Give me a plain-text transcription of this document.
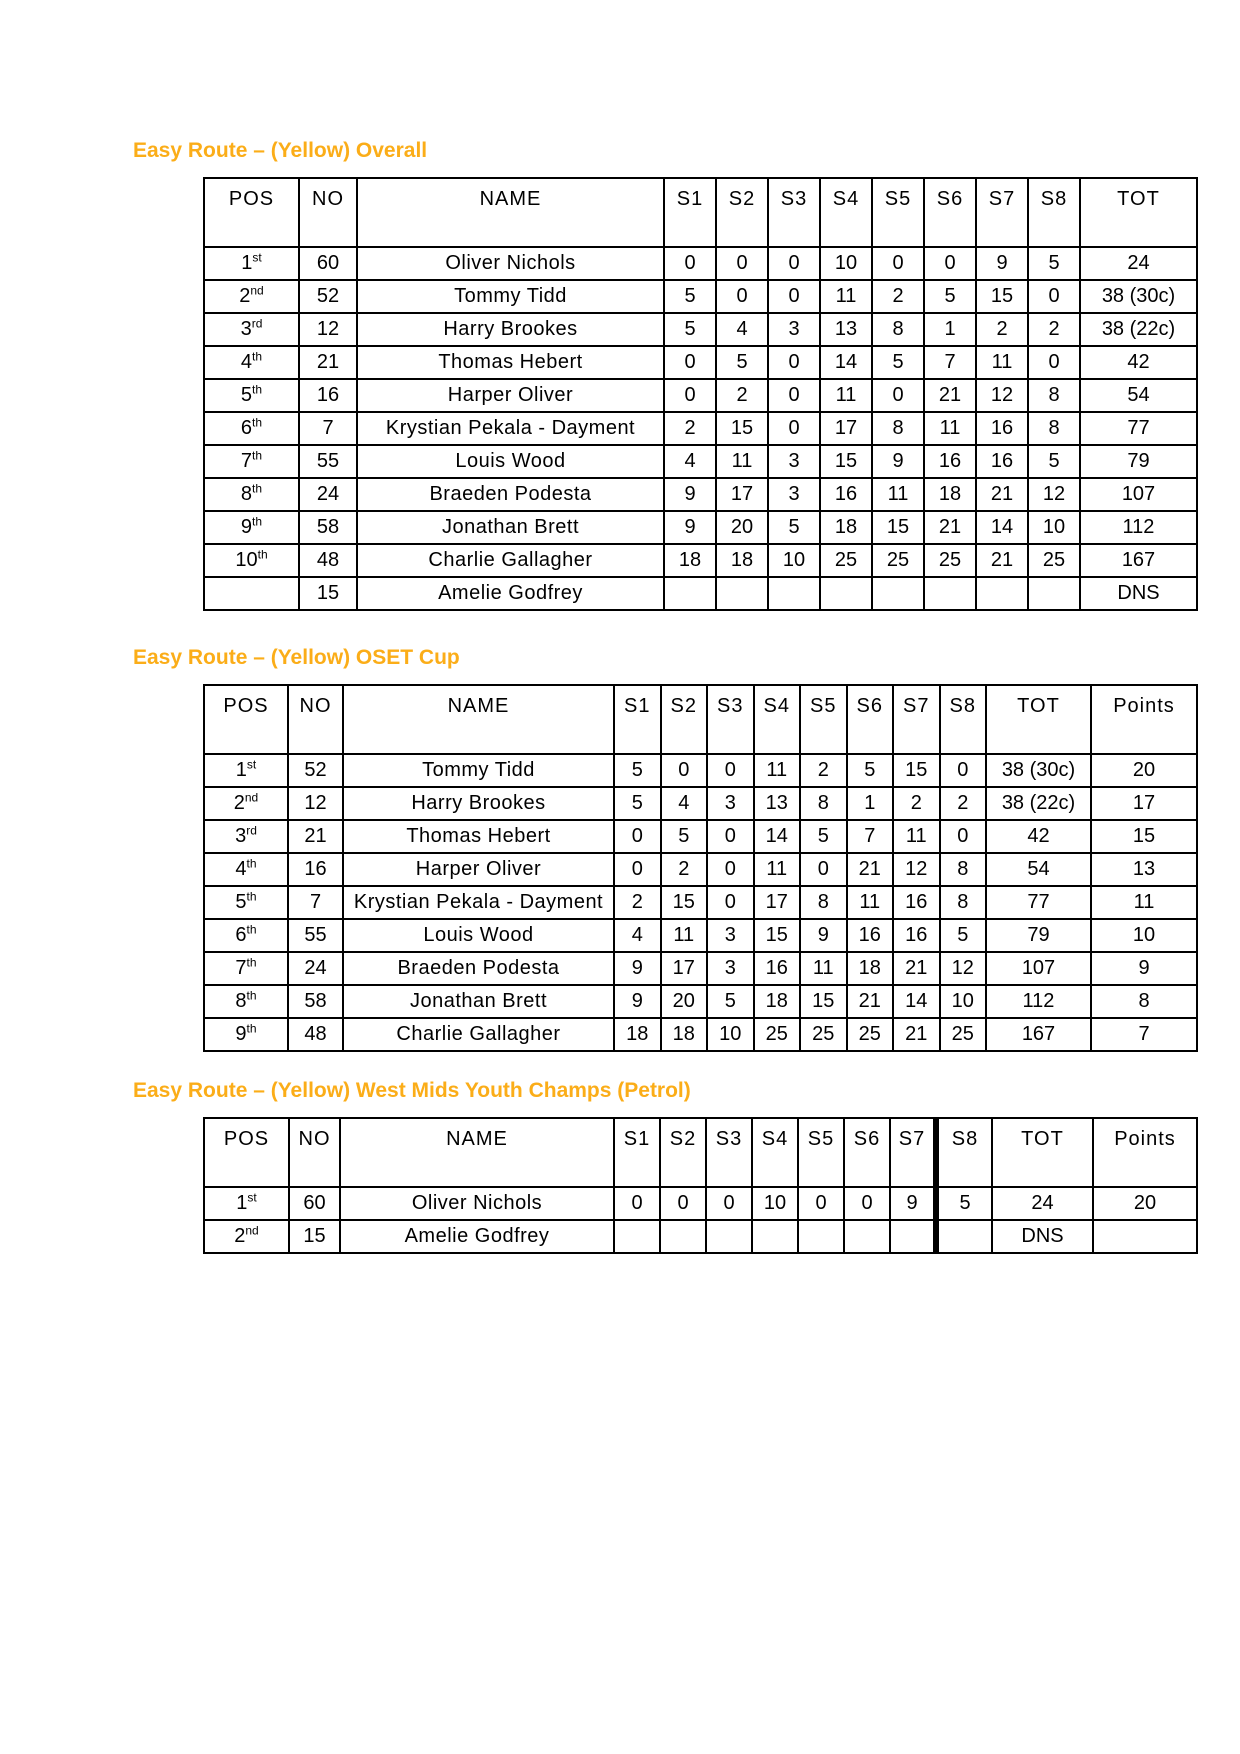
Easy Route – (Yellow) Overall
POS	NO	NAME	S1	S2	S3	S4	S5	S6	S7	S8	TOT
1st	60	Oliver Nichols	0	0	0	10	0	0	9	5	24
2nd	52	Tommy Tidd	5	0	0	11	2	5	15	0	38 (30c)
3rd	12	Harry Brookes	5	4	3	13	8	1	2	2	38 (22c)
4th	21	Thomas Hebert	0	5	0	14	5	7	11	0	42
5th	16	Harper Oliver	0	2	0	11	0	21	12	8	54
6th	7	Krystian Pekala - Dayment	2	15	0	17	8	11	16	8	77
7th	55	Louis Wood	4	11	3	15	9	16	16	5	79
8th	24	Braeden Podesta	9	17	3	16	11	18	21	12	107
9th	58	Jonathan Brett	9	20	5	18	15	21	14	10	112
10th	48	Charlie Gallagher	18	18	10	25	25	25	21	25	167
	15	Amelie Godfrey									DNS
Easy Route – (Yellow) OSET Cup
POS	NO	NAME	S1	S2	S3	S4	S5	S6	S7	S8	TOT	Points
1st	52	Tommy Tidd	5	0	0	11	2	5	15	0	38 (30c)	20
2nd	12	Harry Brookes	5	4	3	13	8	1	2	2	38 (22c)	17
3rd	21	Thomas Hebert	0	5	0	14	5	7	11	0	42	15
4th	16	Harper Oliver	0	2	0	11	0	21	12	8	54	13
5th	7	Krystian Pekala - Dayment	2	15	0	17	8	11	16	8	77	11
6th	55	Louis Wood	4	11	3	15	9	16	16	5	79	10
7th	24	Braeden Podesta	9	17	3	16	11	18	21	12	107	9
8th	58	Jonathan Brett	9	20	5	18	15	21	14	10	112	8
9th	48	Charlie Gallagher	18	18	10	25	25	25	21	25	167	7
Easy Route – (Yellow) West Mids Youth Champs (Petrol)
POS	NO	NAME	S1	S2	S3	S4	S5	S6	S7	S8	TOT	Points
1st	60	Oliver Nichols	0	0	0	10	0	0	9	5	24	20
2nd	15	Amelie Godfrey									DNS	
